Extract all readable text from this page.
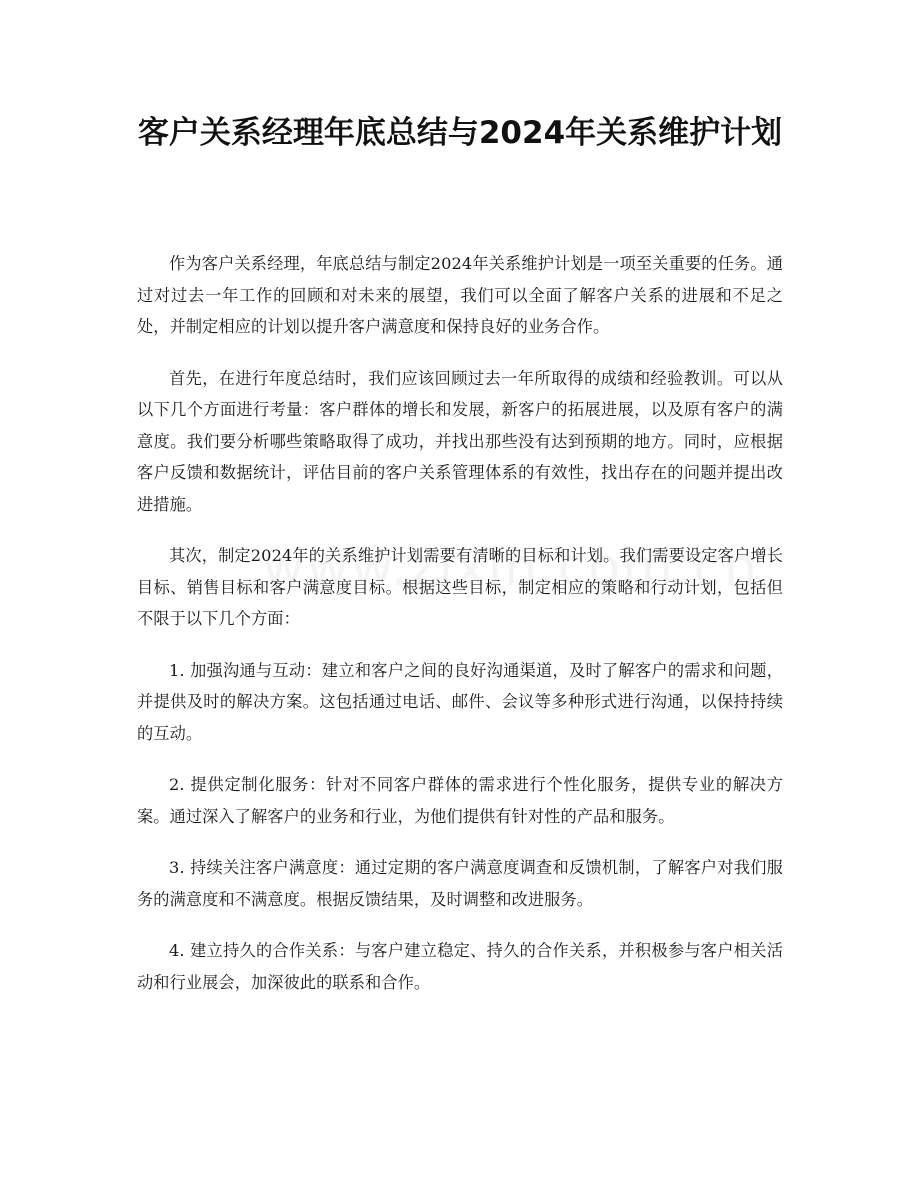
客户关系经理年底总结与2024年关系维护计划

作为客户关系经理，年底总结与制定2024年关系维护计划是一项至关重要的任务。通过对过去一年工作的回顾和对未来的展望，我们可以全面了解客户关系的进展和不足之处，并制定相应的计划以提升客户满意度和保持良好的业务合作。

首先，在进行年度总结时，我们应该回顾过去一年所取得的成绩和经验教训。可以从以下几个方面进行考量：客户群体的增长和发展，新客户的拓展进展，以及原有客户的满意度。我们要分析哪些策略取得了成功，并找出那些没有达到预期的地方。同时，应根据客户反馈和数据统计，评估目前的客户关系管理体系的有效性，找出存在的问题并提出改进措施。

其次，制定2024年的关系维护计划需要有清晰的目标和计划。我们需要设定客户增长目标、销售目标和客户满意度目标。根据这些目标，制定相应的策略和行动计划，包括但不限于以下几个方面：

1. 加强沟通与互动：建立和客户之间的良好沟通渠道，及时了解客户的需求和问题，并提供及时的解决方案。这包括通过电话、邮件、会议等多种形式进行沟通，以保持持续的互动。

2. 提供定制化服务：针对不同客户群体的需求进行个性化服务，提供专业的解决方案。通过深入了解客户的业务和行业，为他们提供有针对性的产品和服务。

3. 持续关注客户满意度：通过定期的客户满意度调查和反馈机制，了解客户对我们服务的满意度和不满意度。根据反馈结果，及时调整和改进服务。

4. 建立持久的合作关系：与客户建立稳定、持久的合作关系，并积极参与客户相关活动和行业展会，加深彼此的联系和合作。
